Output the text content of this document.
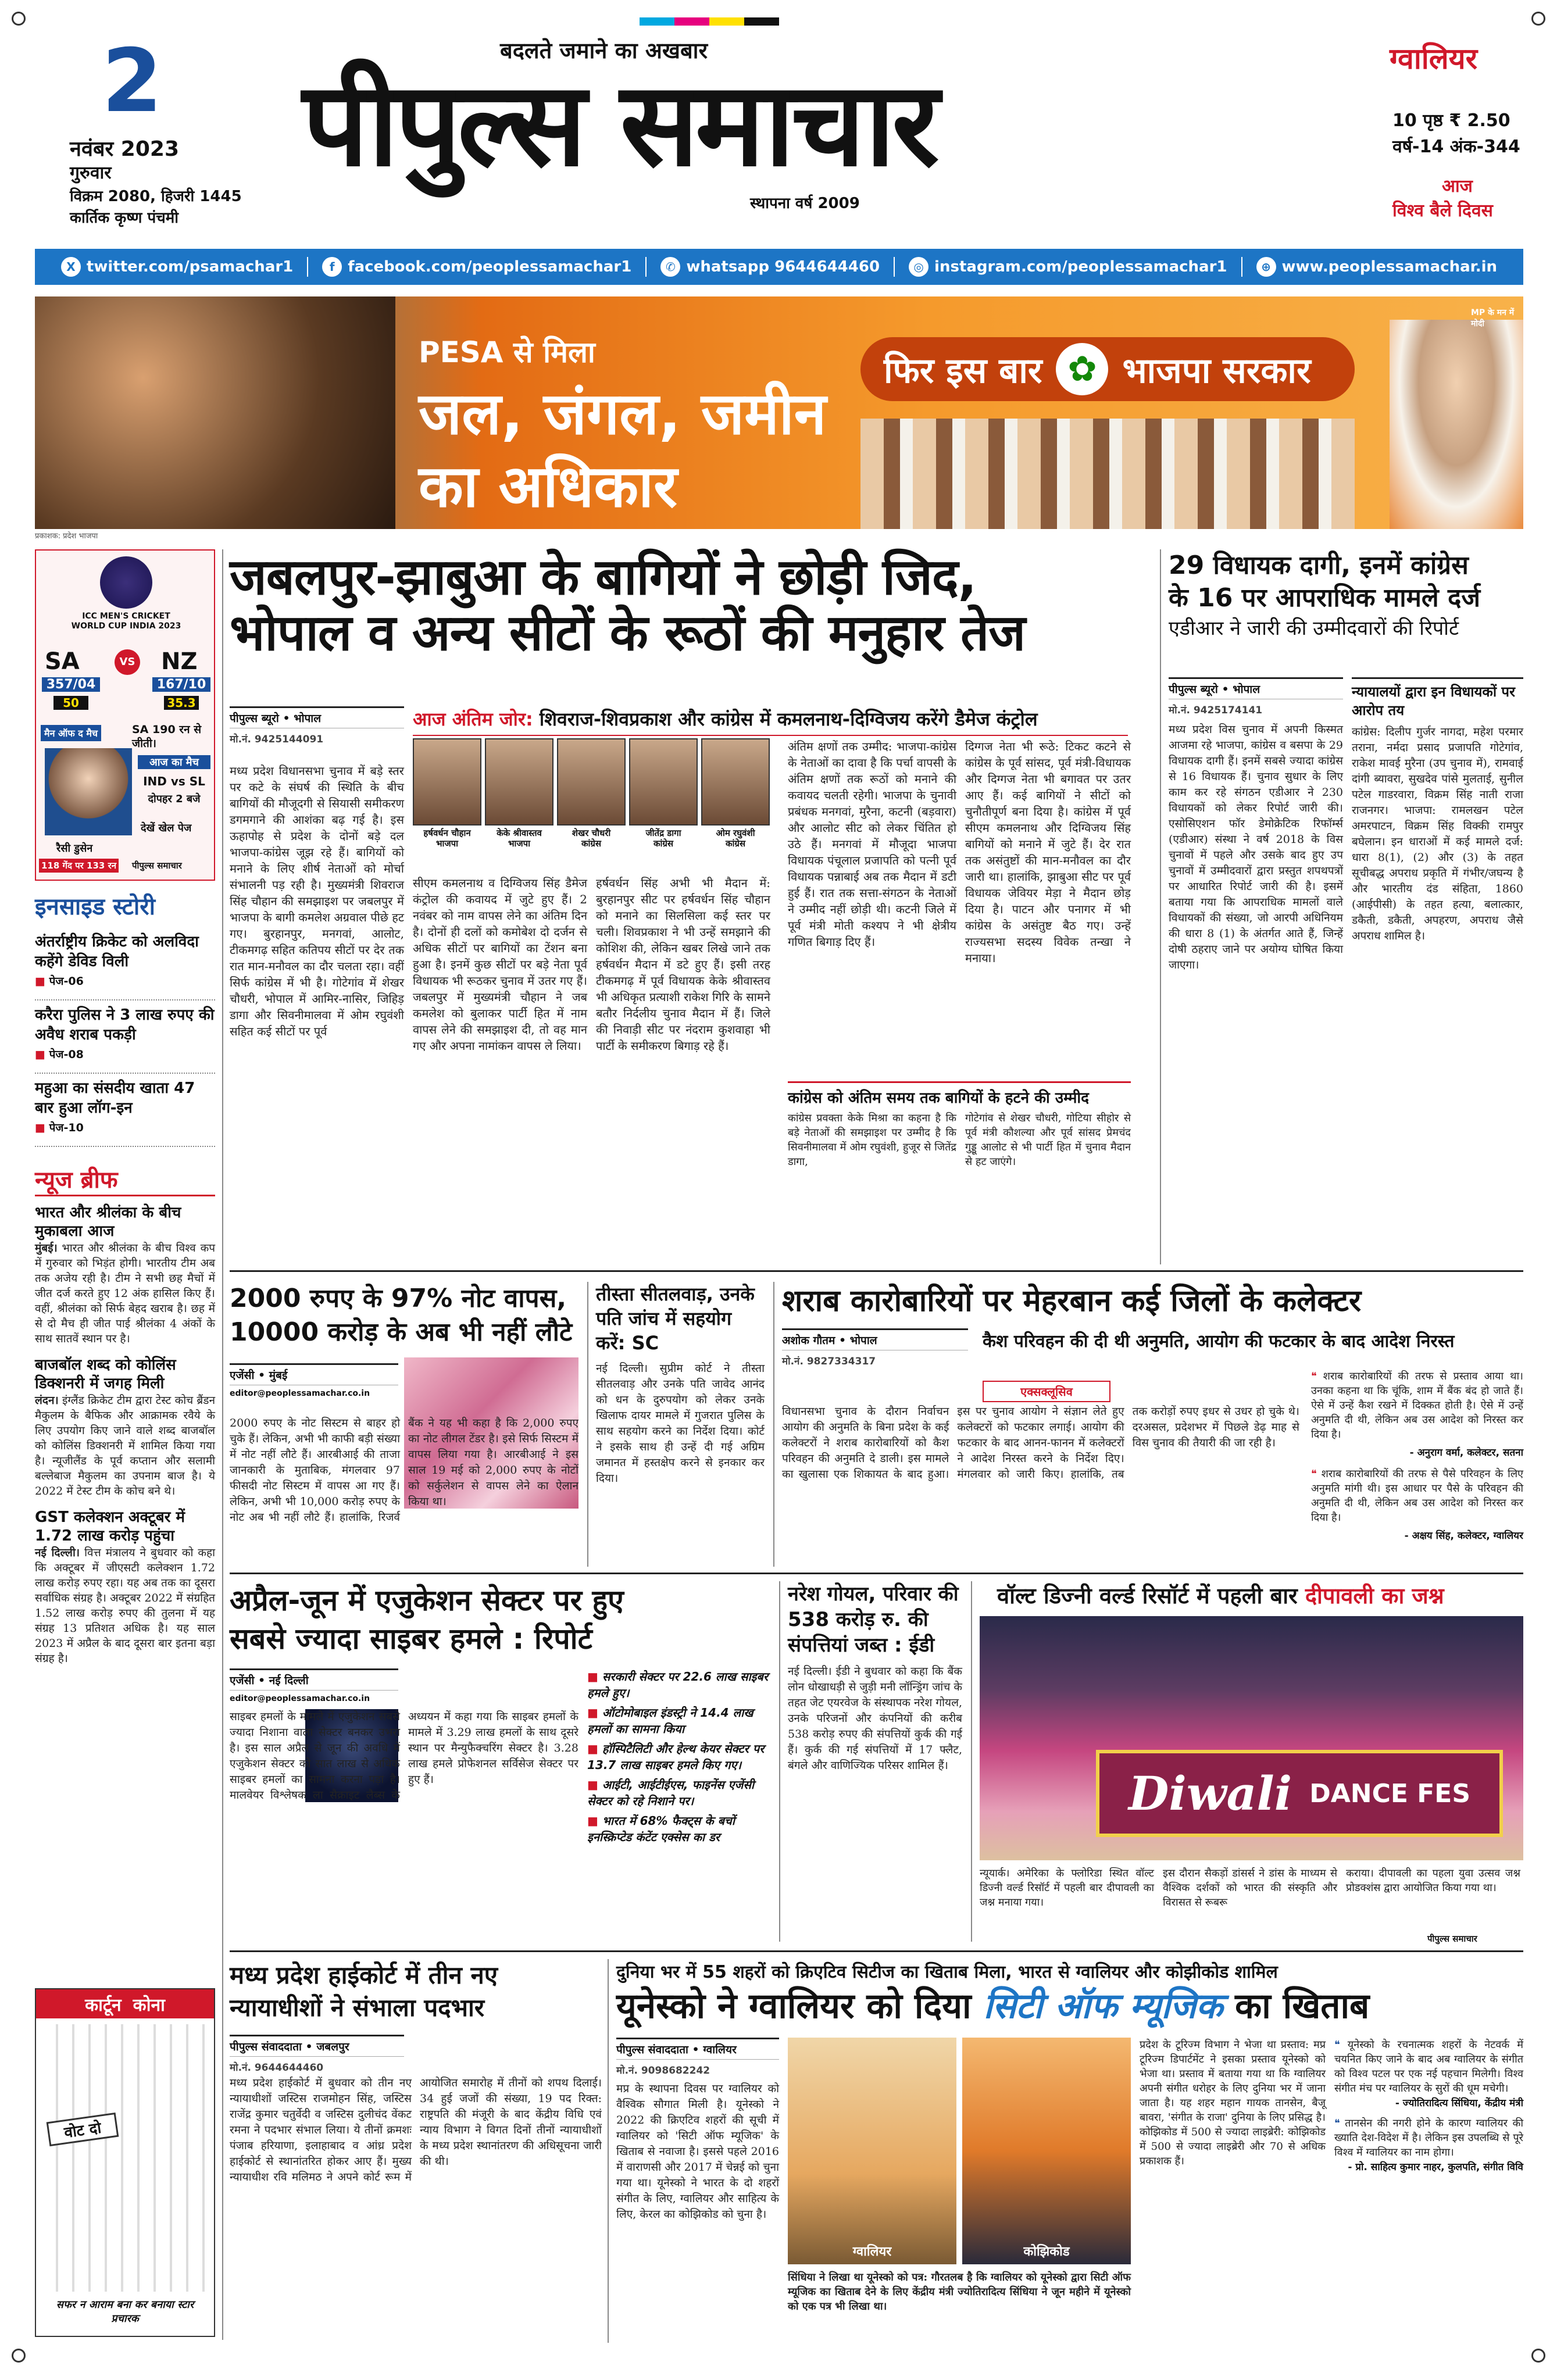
2
नवंबर 2023
गुरुवार
विक्रम 2080, हिजरी 1445
कार्तिक कृष्ण पंचमी
बदलते जमाने का अखबार
पीपुल्स समाचार
स्थापना वर्ष 2009
ग्वालियर
10 पृष्ठ ₹ 2.50
वर्ष-14 अंक-344
आज
विश्व बैले दिवस
X twitter.com/psamachar1	f facebook.com/peoplessamachar1	✆ whatsapp 9644644460	◎ instagram.com/peoplessamachar1	⊕ www.peoplessamachar.in
PESA से मिला
जल, जंगल, जमीन
का अधिकार
फिर इस बार ✿ भाजपा सरकार
MP के मन में मोदी
प्रकाशक: प्रदेश भाजपा
ICC MEN'S CRICKET WORLD CUP INDIA 2023
SA	VS NZ
357/04	167/10
50	35.3
मैन ऑफ द मैच	SA 190 रन से जीती।
आज का मैच
IND vs SL
दोपहर 2 बजे
देखें खेल पेज
रैसी डुसेन
118 गेंद पर 133 रन पीपुल्स समाचार
इनसाइड स्टोरी
अंतर्राष्ट्रीय क्रिकेट को अलविदा कहेंगे डेविड विली
■ पेज-06
करैरा पुलिस ने 3 लाख रुपए की अवैध शराब पकड़ी
■ पेज-08
महुआ का संसदीय खाता 47 बार हुआ लॉग-इन
■ पेज-10
न्यूज ब्रीफ
भारत और श्रीलंका के बीच मुकाबला आज
मुंबई। भारत और श्रीलंका के बीच विश्व कप में गुरुवार को भिड़ंत होगी। भारतीय टीम अब तक अजेय रही है। टीम ने सभी छह मैचों में जीत दर्ज करते हुए 12 अंक हासिल किए हैं। वहीं, श्रीलंका को सिर्फ बेहद खराब है। छह में से दो मैच ही जीत पाई श्रीलंका 4 अंकों के साथ सातवें स्थान पर है।
बाजबॉल शब्द को कोलिंस डिक्शनरी में जगह मिली
लंदन। इंग्लैंड क्रिकेट टीम द्वारा टेस्ट कोच ब्रैंडन मैकुलम के बैफिक और आक्रामक रवैये के लिए उपयोग किए जाने वाले शब्द बाजबॉल को कोलिंस डिक्शनरी में शामिल किया गया है। न्यूजीलैंड के पूर्व कप्तान और सलामी बल्लेबाज मैकुलम का उपनाम बाज है। ये 2022 में टेस्ट टीम के कोच बने थे।
GST कलेक्शन अक्टूबर में 1.72 लाख करोड़ पहुंचा
नई दिल्ली। वित्त मंत्रालय ने बुधवार को कहा कि अक्टूबर में जीएसटी कलेक्शन 1.72 लाख करोड़ रुपए रहा। यह अब तक का दूसरा सर्वाधिक संग्रह है। अक्टूबर 2022 में संग्रहित 1.52 लाख करोड़ रुपए की तुलना में यह संग्रह 13 प्रतिशत अधिक है। यह साल 2023 में अप्रैल के बाद दूसरा बार इतना बड़ा संग्रह है।
कार्टून कोना
वोट दो
सफर न आराम बना कर बनाया स्टार प्रचारक
जबलपुर-झाबुआ के बागियों ने छोड़ी जिद,
भोपाल व अन्य सीटों के रूठों की मनुहार तेज
पीपुल्स ब्यूरो • भोपाल
मो.नं. 9425144091
मध्य प्रदेश विधानसभा चुनाव में बड़े स्तर पर कटे के संघर्ष की स्थिति के बीच बागियों की मौजूदगी से सियासी समीकरण डगमगाने की आशंका बढ़ गई है। इस ऊहापोह से प्रदेश के दोनों बड़े दल भाजपा-कांग्रेस जूझ रहे हैं। बागियों को मनाने के लिए शीर्ष नेताओं को मोर्चा संभालनी पड़ रही है। मुख्यमंत्री शिवराज सिंह चौहान की समझाइश पर जबलपुर में भाजपा के बागी कमलेश अग्रवाल पीछे हट गए। बुरहानपुर, मनगवां, आलोट, टीकमगढ़ सहित कतिपय सीटों पर देर तक रात मान-मनौवल का दौर चलता रहा। वहीं सिर्फ कांग्रेस में भी है। गोटेगांव में शेखर चौधरी, भोपाल में आमिर-नासिर, जिहिड़ डागा और सिवनीमालवा में ओम रघुवंशी सहित कई सीटों पर पूर्व
आज अंतिम जोर: शिवराज-शिवप्रकाश और कांग्रेस में कमलनाथ-दिग्विजय करेंगे डैमेज कंट्रोल
हर्षवर्धन चौहान
भाजपा
केके श्रीवास्तव
भाजपा
शेखर चौधरी
कांग्रेस
जीतेंद्र डागा
कांग्रेस
ओम रघुवंशी
कांग्रेस
सीएम कमलनाथ व दिग्विजय सिंह डैमेज कंट्रोल की कवायद में जुटे हुए हैं। 2 नवंबर को नाम वापस लेने का अंतिम दिन है। दोनों ही दलों को कमोबेश दो दर्जन से अधिक सीटों पर बागियों का टेंशन बना हुआ है। इनमें कुछ सीटों पर बड़े नेता पूर्व विधायक भी रूठकर चुनाव में उतर गए हैं। जबलपुर में मुख्यमंत्री चौहान ने जब कमलेश को बुलाकर पार्टी हित में नाम वापस लेने की समझाइश दी, तो वह मान गए और अपना नामांकन वापस ले लिया।
हर्षवर्धन सिंह अभी भी मैदान में: बुरहानपुर सीट पर हर्षवर्धन सिंह चौहान को मनाने का सिलसिला कई स्तर पर चली। शिवप्रकाश ने भी उन्हें समझाने की कोशिश की, लेकिन खबर लिखे जाने तक हर्षवर्धन मैदान में डटे हुए हैं। इसी तरह टीकमगढ़ में पूर्व विधायक केके श्रीवास्तव भी अधिकृत प्रत्याशी राकेश गिरि के सामने बतौर निर्दलीय चुनाव मैदान में हैं। जिले की निवाड़ी सीट पर नंदराम कुशवाहा भी पार्टी के समीकरण बिगाड़ रहे हैं।
अंतिम क्षणों तक उम्मीद: भाजपा-कांग्रेस के नेताओं का दावा है कि पर्चा वापसी के अंतिम क्षणों तक रूठों को मनाने की कवायद चलती रहेगी। भाजपा के चुनावी प्रबंधक मनगवां, मुरैना, कटनी (बड़वारा) और आलोट सीट को लेकर चिंतित हो उठे हैं। मनगवां में मौजूदा भाजपा विधायक पंचूलाल प्रजापति को पत्नी पूर्व विधायक पन्नाबाई अब तक मैदान में डटी हुई हैं। रात तक सत्ता-संगठन के नेताओं ने उम्मीद नहीं छोड़ी थी। कटनी जिले में पूर्व मंत्री मोती कश्यप ने भी क्षेत्रीय गणित बिगाड़ दिए हैं।
दिग्गज नेता भी रूठे: टिकट कटने से कांग्रेस के पूर्व सांसद, पूर्व मंत्री-विधायक और दिग्गज नेता भी बगावत पर उतर आए हैं। कई बागियों ने सीटों को चुनौतीपूर्ण बना दिया है। कांग्रेस में पूर्व सीएम कमलनाथ और दिग्विजय सिंह बागियों को मनाने में जुटे हैं। देर रात तक असंतुष्टों की मान-मनौवल का दौर जारी था। हालांकि, झाबुआ सीट पर पूर्व विधायक जेवियर मेड़ा ने मैदान छोड़ दिया है। पाटन और पनागर में भी कांग्रेस के असंतुष्ट बैठ गए। उन्हें राज्यसभा सदस्य विवेक तन्खा ने मनाया।
कांग्रेस को अंतिम समय तक बागियों के हटने की उम्मीद
कांग्रेस प्रवक्ता केके मिश्रा का कहना है कि बड़े नेताओं की समझाइश पर उम्मीद है कि सिवनीमालवा में ओम रघुवंशी, हुजूर से जितेंद्र डागा,
गोटेगांव से शेखर चौधरी, गोटिया सीहोर से पूर्व मंत्री कौशल्या और पूर्व सांसद प्रेमचंद गुड्डू आलोट से भी पार्टी हित में चुनाव मैदान से हट जाएंगे।
29 विधायक दागी, इनमें कांग्रेस
के 16 पर आपराधिक मामले दर्ज
एडीआर ने जारी की उम्मीदवारों की रिपोर्ट
पीपुल्स ब्यूरो • भोपाल
मो.नं. 9425174141
मध्य प्रदेश विस चुनाव में अपनी किस्मत आजमा रहे भाजपा, कांग्रेस व बसपा के 29 विधायक दागी हैं। इनमें सबसे ज्यादा कांग्रेस से 16 विधायक हैं। चुनाव सुधार के लिए काम कर रहे संगठन एडीआर ने 230 विधायकों को लेकर रिपोर्ट जारी की। एसोसिएशन फॉर डेमोक्रेटिक रिफॉर्म्स (एडीआर) संस्था ने वर्ष 2018 के विस चुनावों में पहले और उसके बाद हुए उप चुनावों में उम्मीदवारों द्वारा प्रस्तुत शपथपत्रों पर आधारित रिपोर्ट जारी की है। इसमें बताया गया कि आपराधिक मामलों वाले विधायकों की संख्या, जो आरपी अधिनियम की धारा 8 (1) के अंतर्गत आते हैं, जिन्हें दोषी ठहराए जाने पर अयोग्य घोषित किया जाएगा।
न्यायालयों द्वारा इन विधायकों पर आरोप तय
कांग्रेस: दिलीप गुर्जर नागदा, महेश परमार तराना, नर्मदा प्रसाद प्रजापति गोटेगांव, राकेश मावई मुरैना (उप चुनाव में), रामवाई दांगी ब्यावरा, सुखदेव पांसे मुलताई, सुनील पटेल गाडरवारा, विक्रम सिंह नाती राजा राजनगर। भाजपा: रामलखन पटेल अमरपाटन, विक्रम सिंह विक्की रामपुर बघेलान। इन धाराओं में कई मामले दर्ज: धारा 8(1), (2) और (3) के तहत सूचीबद्ध अपराध प्रकृति में गंभीर/जघन्य है और भारतीय दंड संहिता, 1860 (आईपीसी) के तहत हत्या, बलात्कार, डकैती, डकैती, अपहरण, अपराध जैसे अपराध शामिल है।
2000 रुपए के 97% नोट वापस,
10000 करोड़ के अब भी नहीं लौटे
एजेंसी • मुंबई
editor@peoplessamachar.co.in
2000 रुपए के नोट सिस्टम से बाहर हो चुके हैं। लेकिन, अभी भी काफी बड़ी संख्या में नोट नहीं लौटे हैं। आरबीआई की ताजा जानकारी के मुताबिक, मंगलवार 97 फीसदी नोट सिस्टम में वापस आ गए हैं। लेकिन, अभी भी 10,000 करोड़ रुपए के नोट अब भी नहीं लौटे हैं। हालांकि, रिजर्व बैंक ने यह भी कहा है कि 2,000 रुपए का नोट लीगल टेंडर है। इसे सिर्फ सिस्टम में वापस लिया गया है। आरबीआई ने इस साल 19 मई को 2,000 रुपए के नोटों को सर्कुलेशन से वापस लेने का ऐलान किया था।
तीस्ता सीतलवाड़, उनके पति जांच में सहयोग करें: SC
नई दिल्ली। सुप्रीम कोर्ट ने तीस्ता सीतलवाड़ और उनके पति जावेद आनंद को धन के दुरुपयोग को लेकर उनके खिलाफ दायर मामले में गुजरात पुलिस के साथ सहयोग करने का निर्देश दिया। कोर्ट ने इसके साथ ही उन्हें दी गई अग्रिम जमानत में हस्तक्षेप करने से इनकार कर दिया।
शराब कारोबारियों पर मेहरबान कई जिलों के कलेक्टर
कैश परिवहन की दी थी अनुमति, आयोग की फटकार के बाद आदेश निरस्त
अशोक गौतम • भोपाल
मो.नं. 9827334317
एक्सक्लूसिव
विधानसभा चुनाव के दौरान निर्वाचन आयोग की अनुमति के बिना प्रदेश के कई कलेक्टरों ने शराब कारोबारियों को कैश परिवहन की अनुमति दे डाली। इस मामले का खुलासा एक शिकायत के बाद हुआ। इस पर चुनाव आयोग ने संज्ञान लेते हुए कलेक्टरों को फटकार लगाई। आयोग की फटकार के बाद आनन-फानन में कलेक्टरों ने आदेश निरस्त करने के निर्देश दिए। मंगलवार को जारी किए। हालांकि, तब तक करोड़ों रुपए इधर से उधर हो चुके थे। दरअसल, प्रदेशभर में पिछले डेढ़ माह से विस चुनाव की तैयारी की जा रही है।
❝ शराब कारोबारियों की तरफ से प्रस्ताव आया था। उनका कहना था कि चूंकि, शाम में बैंक बंद हो जाते हैं। ऐसे में उन्हें कैश रखने में दिक्कत होती है। ऐसे में उन्हें अनुमति दी थी, लेकिन अब उस आदेश को निरस्त कर दिया है।
- अनुराग वर्मा, कलेक्टर, सतना
❝ शराब कारोबारियों की तरफ से पैसे परिवहन के लिए अनुमति मांगी थी। इस आधार पर पैसे के परिवहन की अनुमति दी थी, लेकिन अब उस आदेश को निरस्त कर दिया है।
- अक्षय सिंह, कलेक्टर, ग्वालियर
अप्रैल-जून में एजुकेशन सेक्टर पर हुए
सबसे ज्यादा साइबर हमले : रिपोर्ट
एजेंसी • नई दिल्ली
editor@peoplessamachar.co.in
साइबर हमलों के मामले में एजुकेशन सबसे ज्यादा निशाना वाला सेक्टर बनकर उभरा है। इस साल अप्रैल से जून की अवधि में एजुकेशन सेक्टर को सात लाख से अधिक साइबर हमलों का सामना करना पड़ा है। मालवेयर विश्लेषक ला सैक्राइट लैब्स के अध्ययन में कहा गया कि साइबर हमलों के मामले में 3.29 लाख हमलों के साथ दूसरे स्थान पर मैन्युफैक्चरिंग सेक्टर है। 3.28 लाख हमले प्रोफेशनल सर्विसेज सेक्टर पर हुए हैं।
■ सरकारी सेक्टर पर 22.6 लाख साइबर हमले हुए।
■ ऑटोमोबाइल इंडस्ट्री ने 14.4 लाख हमलों का सामना किया
■ हॉस्पिटैलिटी और हेल्थ केयर सेक्टर पर 13.7 लाख साइबर हमले किए गए।
■ आईटी, आईटीईएस, फाइनेंस एजेंसी सेक्टर को रहे निशाने पर।
■ भारत में 68% फैक्ट्स के बचों इनस्क्रिप्टेड कंटेंट एक्सेस का डर
नरेश गोयल, परिवार की 538 करोड़ रु. की संपत्तियां जब्त : ईडी
नई दिल्ली। ईडी ने बुधवार को कहा कि बैंक लोन धोखाधड़ी से जुड़ी मनी लॉन्ड्रिंग जांच के तहत जेट एयरवेज के संस्थापक नरेश गोयल, उनके परिजनों और कंपनियों की करीब 538 करोड़ रुपए की संपत्तियों कुर्क की गई हैं। कुर्क की गई संपत्तियों में 17 फ्लैट, बंगले और वाणिज्यिक परिसर शामिल हैं।
वॉल्ट डिज्नी वर्ल्ड रिसॉर्ट में पहली बार दीपावली का जश्न
Diwali DANCE FES
न्यूयार्क। अमेरिका के फ्लोरिडा स्थित वॉल्ट डिज्नी वर्ल्ड रिसॉर्ट में पहली बार दीपावली का जश्न मनाया गया।
इस दौरान सैकड़ों डांसर्स ने डांस के माध्यम से वैश्विक दर्शकों को भारत की संस्कृति और विरासत से रूबरू
कराया। दीपावली का पहला युवा उत्सव जश्न प्रोडक्शंस द्वारा आयोजित किया गया था।
पीपुल्स समाचार
मध्य प्रदेश हाईकोर्ट में तीन नए
न्यायाधीशों ने संभाला पदभार
पीपुल्स संवाददाता • जबलपुर
मो.नं. 9644644460
मध्य प्रदेश हाईकोर्ट में बुधवार को तीन नए न्यायाधीशों जस्टिस राजमोहन सिंह, जस्टिस राजेंद्र कुमार चतुर्वेदी व जस्टिस दुलीचंद वेंकट रमना ने पदभार संभाल लिया। ये तीनों क्रमशः पंजाब हरियाणा, इलाहाबाद व आंध्र प्रदेश हाईकोर्ट से स्थानांतरित होकर आए हैं। मुख्य न्यायाधीश रवि मलिमठ ने अपने कोर्ट रूम में आयोजित समारोह में तीनों को शपथ दिलाई। 34 हुई जजों की संख्या, 19 पद रिक्त: राष्ट्रपति की मंजूरी के बाद केंद्रीय विधि एवं न्याय विभाग ने विगत दिनों तीनों न्यायाधीशों के मध्य प्रदेश स्थानांतरण की अधिसूचना जारी की थी।
दुनिया भर में 55 शहरों को क्रिएटिव सिटीज का खिताब मिला, भारत से ग्वालियर और कोझीकोड शामिल
यूनेस्को ने ग्वालियर को दिया सिटी ऑफ म्यूजिक का खिताब
पीपुल्स संवाददाता • ग्वालियर
मो.नं. 9098682242
मप्र के स्थापना दिवस पर ग्वालियर को वैश्विक सौगात मिली है। यूनेस्को ने 2022 की क्रिएटिव शहरों की सूची में ग्वालियर को 'सिटी ऑफ म्यूजिक' के खिताब से नवाजा है। इससे पहले 2016 में वाराणसी और 2017 में चेन्नई को चुना गया था। यूनेस्को ने भारत के दो शहरों संगीत के लिए, ग्वालियर और साहित्य के लिए, केरल का कोझिकोड को चुना है।
ग्वालियर	कोझिकोड
सिंधिया ने लिखा था यूनेस्को को पत्र: गौरतलब है कि ग्वालियर को यूनेस्को द्वारा सिटी ऑफ म्यूजिक का खिताब देने के लिए केंद्रीय मंत्री ज्योतिरादित्य सिंधिया ने जून महीने में यूनेस्को को एक पत्र भी लिखा था।
प्रदेश के टूरिज्म विभाग ने भेजा था प्रस्ताव: मप्र टूरिज्म डिपार्टमेंट ने इसका प्रस्ताव यूनेस्को को भेजा था। प्रस्ताव में बताया गया था कि ग्वालियर अपनी संगीत धरोहर के लिए दुनिया भर में जाना जाता है। यह शहर महान गायक तानसेन, बैजू बावरा, 'संगीत के राजा' दुनिया के लिए प्रसिद्ध है। कोझिकोड में 500 से ज्यादा लाइब्रेरी: कोझिकोड में 500 से ज्यादा लाइब्रेरी और 70 से अधिक प्रकाशक हैं।
❝ यूनेस्को के रचनात्मक शहरों के नेटवर्क में चयनित किए जाने के बाद अब ग्वालियर के संगीत को विश्व पटल पर एक नई पहचान मिलेगी। विश्व संगीत मंच पर ग्वालियर के सुरों की धूम मचेगी।
- ज्योतिरादित्य सिंधिया, केंद्रीय मंत्री
❝ तानसेन की नगरी होने के कारण ग्वालियर की ख्याति देश-विदेश में है। लेकिन इस उपलब्धि से पूरे विश्व में ग्वालियर का नाम होगा।
- प्रो. साहित्य कुमार नाहर, कुलपति, संगीत विवि
